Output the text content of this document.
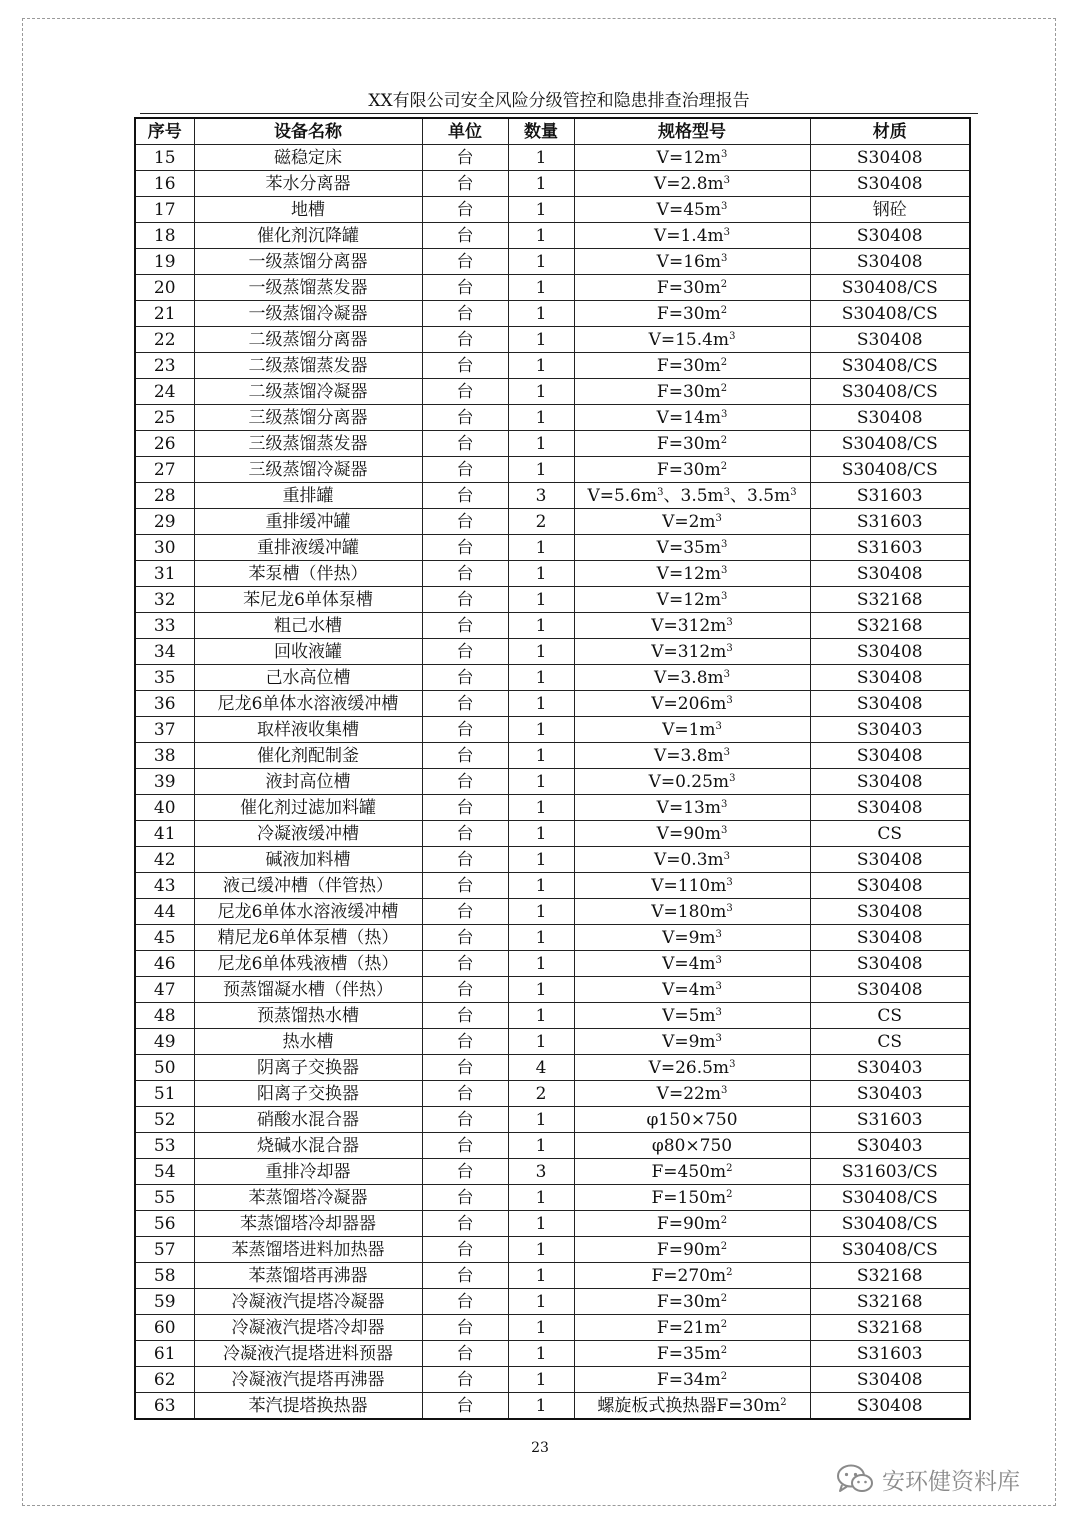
XX有限公司安全风险分级管控和隐患排查治理报告
序号	设备名称	单位	数量	规格型号	材质
15	磁稳定床	台	1	$V=12m^3$	S30408
16	苯水分离器	台	1	$V=2.8m^3$	S30408
17	地槽	台	1	$V=45m^3$	钢砼
18	催化剂沉降罐	台	1	$V=1.4m^3$	S30408
19	一级蒸馏分离器	台	1	$V=16m^3$	S30408
20	一级蒸馏蒸发器	台	1	$F=30m^2$	S30408/CS
21	一级蒸馏冷凝器	台	1	$F=30m^2$	S30408/CS
22	二级蒸馏分离器	台	1	$V=15.4m^3$	S30408
23	二级蒸馏蒸发器	台	1	$F=30m^2$	S30408/CS
24	二级蒸馏冷凝器	台	1	$F=30m^2$	S30408/CS
25	三级蒸馏分离器	台	1	$V=14m^3$	S30408
26	三级蒸馏蒸发器	台	1	$F=30m^2$	S30408/CS
27	三级蒸馏冷凝器	台	1	$F=30m^2$	S30408/CS
28	重排罐	台	3	$V=5.6m^3$、$3.5m^3$、$3.5m^3$	S31603
29	重排缓冲罐	台	2	$V=2m^3$	S31603
30	重排液缓冲罐	台	1	$V=35m^3$	S31603
31	苯泵槽（伴热）	台	1	$V=12m^3$	S30408
32	苯尼龙6单体泵槽	台	1	$V=12m^3$	S32168
33	粗己水槽	台	1	$V=312m^3$	S32168
34	回收液罐	台	1	$V=312m^3$	S30408
35	己水高位槽	台	1	$V=3.8m^3$	S30408
36	尼龙6单体水溶液缓冲槽	台	1	$V=206m^3$	S30408
37	取样液收集槽	台	1	$V=1m^3$	S30403
38	催化剂配制釜	台	1	$V=3.8m^3$	S30408
39	液封高位槽	台	1	$V=0.25m^3$	S30408
40	催化剂过滤加料罐	台	1	$V=13m^3$	S30408
41	冷凝液缓冲槽	台	1	$V=90m^3$	CS
42	碱液加料槽	台	1	$V=0.3m^3$	S30408
43	液己缓冲槽（伴管热）	台	1	$V=110m^3$	S30408
44	尼龙6单体水溶液缓冲槽	台	1	$V=180m^3$	S30408
45	精尼龙6单体泵槽（热）	台	1	$V=9m^3$	S30408
46	尼龙6单体残液槽（热）	台	1	$V=4m^3$	S30408
47	预蒸馏凝水槽（伴热）	台	1	$V=4m^3$	S30408
48	预蒸馏热水槽	台	1	$V=5m^3$	CS
49	热水槽	台	1	$V=9m^3$	CS
50	阴离子交换器	台	4	$V=26.5m^3$	S30403
51	阳离子交换器	台	2	$V=22m^3$	S30403
52	硝酸水混合器	台	1	φ150×750	S31603
53	烧碱水混合器	台	1	φ80×750	S30403
54	重排冷却器	台	3	$F=450m^2$	S31603/CS
55	苯蒸馏塔冷凝器	台	1	$F=150m^2$	S30408/CS
56	苯蒸馏塔冷却器器	台	1	$F=90m^2$	S30408/CS
57	苯蒸馏塔进料加热器	台	1	$F=90m^2$	S30408/CS
58	苯蒸馏塔再沸器	台	1	$F=270m^2$	S32168
59	冷凝液汽提塔冷凝器	台	1	$F=30m^2$	S32168
60	冷凝液汽提塔冷却器	台	1	$F=21m^2$	S32168
61	冷凝液汽提塔进料预器	台	1	$F=35m^2$	S31603
62	冷凝液汽提塔再沸器	台	1	$F=34m^2$	S30408
63	苯汽提塔换热器	台	1	螺旋板式换热器$F=30m^2$	S30408
23
安环健资料库
